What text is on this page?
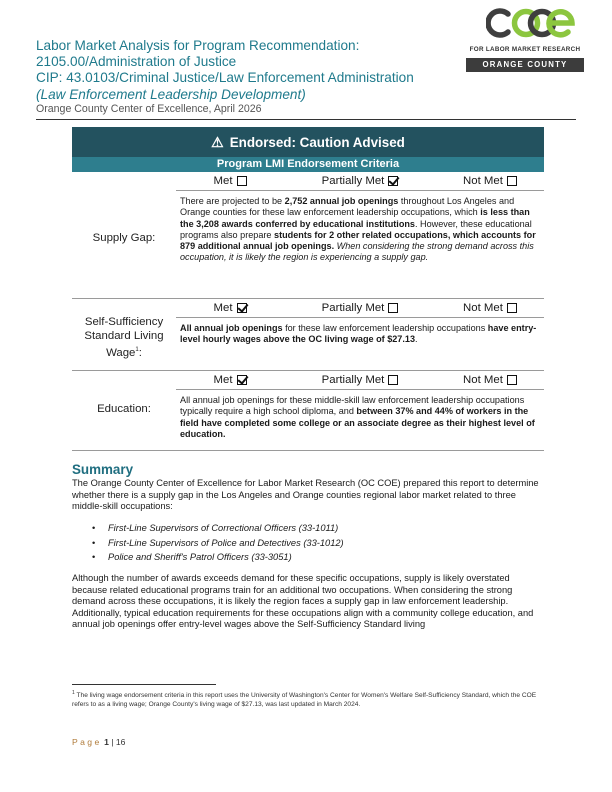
Labor Market Analysis for Program Recommendation:
2105.00/Administration of Justice
CIP: 43.0103/Criminal Justice/Law Enforcement Administration
(Law Enforcement Leadership Development)
Orange County Center of Excellence, April 2026
FOR LABOR MARKET RESEARCH
ORANGE COUNTY
⚠ Endorsed: Caution Advised
Program LMI Endorsement Criteria
Supply Gap:
Met	Partially Met	Not Met
There are projected to be 2,752 annual job openings throughout Los Angeles and Orange counties for these law enforcement leadership occupations, which is less than the 3,208 awards conferred by educational institutions. However, these educational programs also prepare students for 2 other related occupations, which accounts for 879 additional annual job openings. When considering the strong demand across this occupation, it is likely the region is experiencing a supply gap.
Self-Sufficiency Standard Living Wage$^1$:
Met	Partially Met	Not Met
All annual job openings for these law enforcement leadership occupations have entry-level hourly wages above the OC living wage of $27.13.
Education:
Met	Partially Met	Not Met
All annual job openings for these middle-skill law enforcement leadership occupations typically require a high school diploma, and between 37% and 44% of workers in the field have completed some college or an associate degree as their highest level of education.
Summary
The Orange County Center of Excellence for Labor Market Research (OC COE) prepared this report to determine whether there is a supply gap in the Los Angeles and Orange counties regional labor market related to three middle-skill occupations:
• First-Line Supervisors of Correctional Officers (33-1011)
• First-Line Supervisors of Police and Detectives (33-1012)
• Police and Sheriff's Patrol Officers (33-3051)
Although the number of awards exceeds demand for these specific occupations, supply is likely overstated because related educational programs train for an additional two occupations. When considering the strong demand across these occupations, it is likely the region faces a supply gap in law enforcement leadership. Additionally, typical education requirements for these occupations align with a community college education, and annual job openings offer entry-level wages above the Self-Sufficiency Standard living
$^1$ The living wage endorsement criteria in this report uses the University of Washington's Center for Women's Welfare Self-Sufficiency Standard, which the COE refers to as a living wage; Orange County's living wage of $27.13, was last updated in March 2024.
Page 1 | 16
